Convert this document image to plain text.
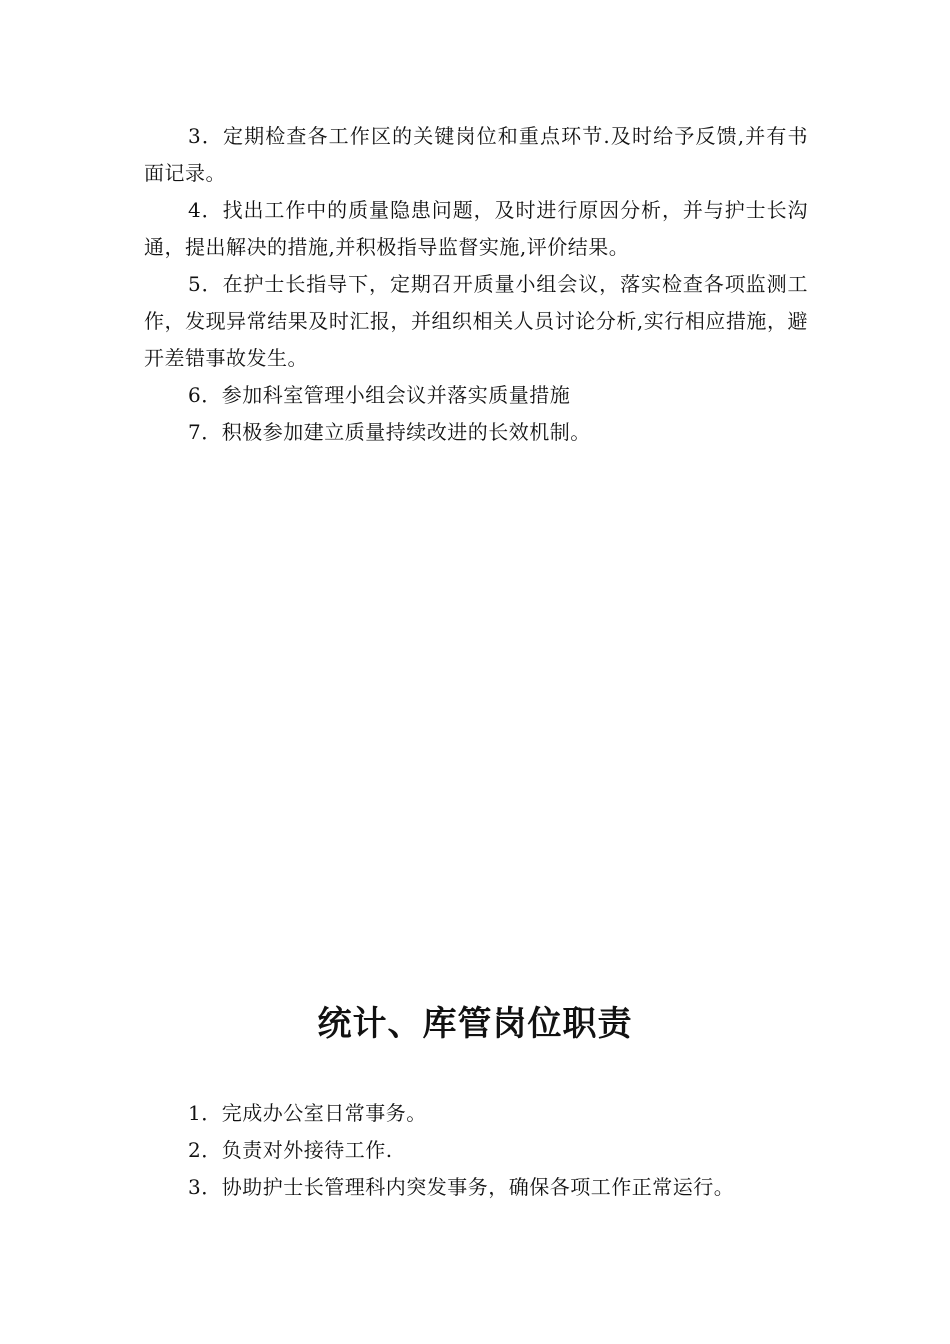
3．定期检查各工作区的关键岗位和重点环节.及时给予反馈,并有书面记录。

4．找出工作中的质量隐患问题，及时进行原因分析，并与护士长沟通，提出解决的措施,并积极指导监督实施,评价结果。

5．在护士长指导下，定期召开质量小组会议，落实检查各项监测工作，发现异常结果及时汇报，并组织相关人员讨论分析,实行相应措施，避开差错事故发生。

6．参加科室管理小组会议并落实质量措施

7．积极参加建立质量持续改进的长效机制。

统计、库管岗位职责

1．完成办公室日常事务。

2．负责对外接待工作.

3．协助护士长管理科内突发事务，确保各项工作正常运行。
